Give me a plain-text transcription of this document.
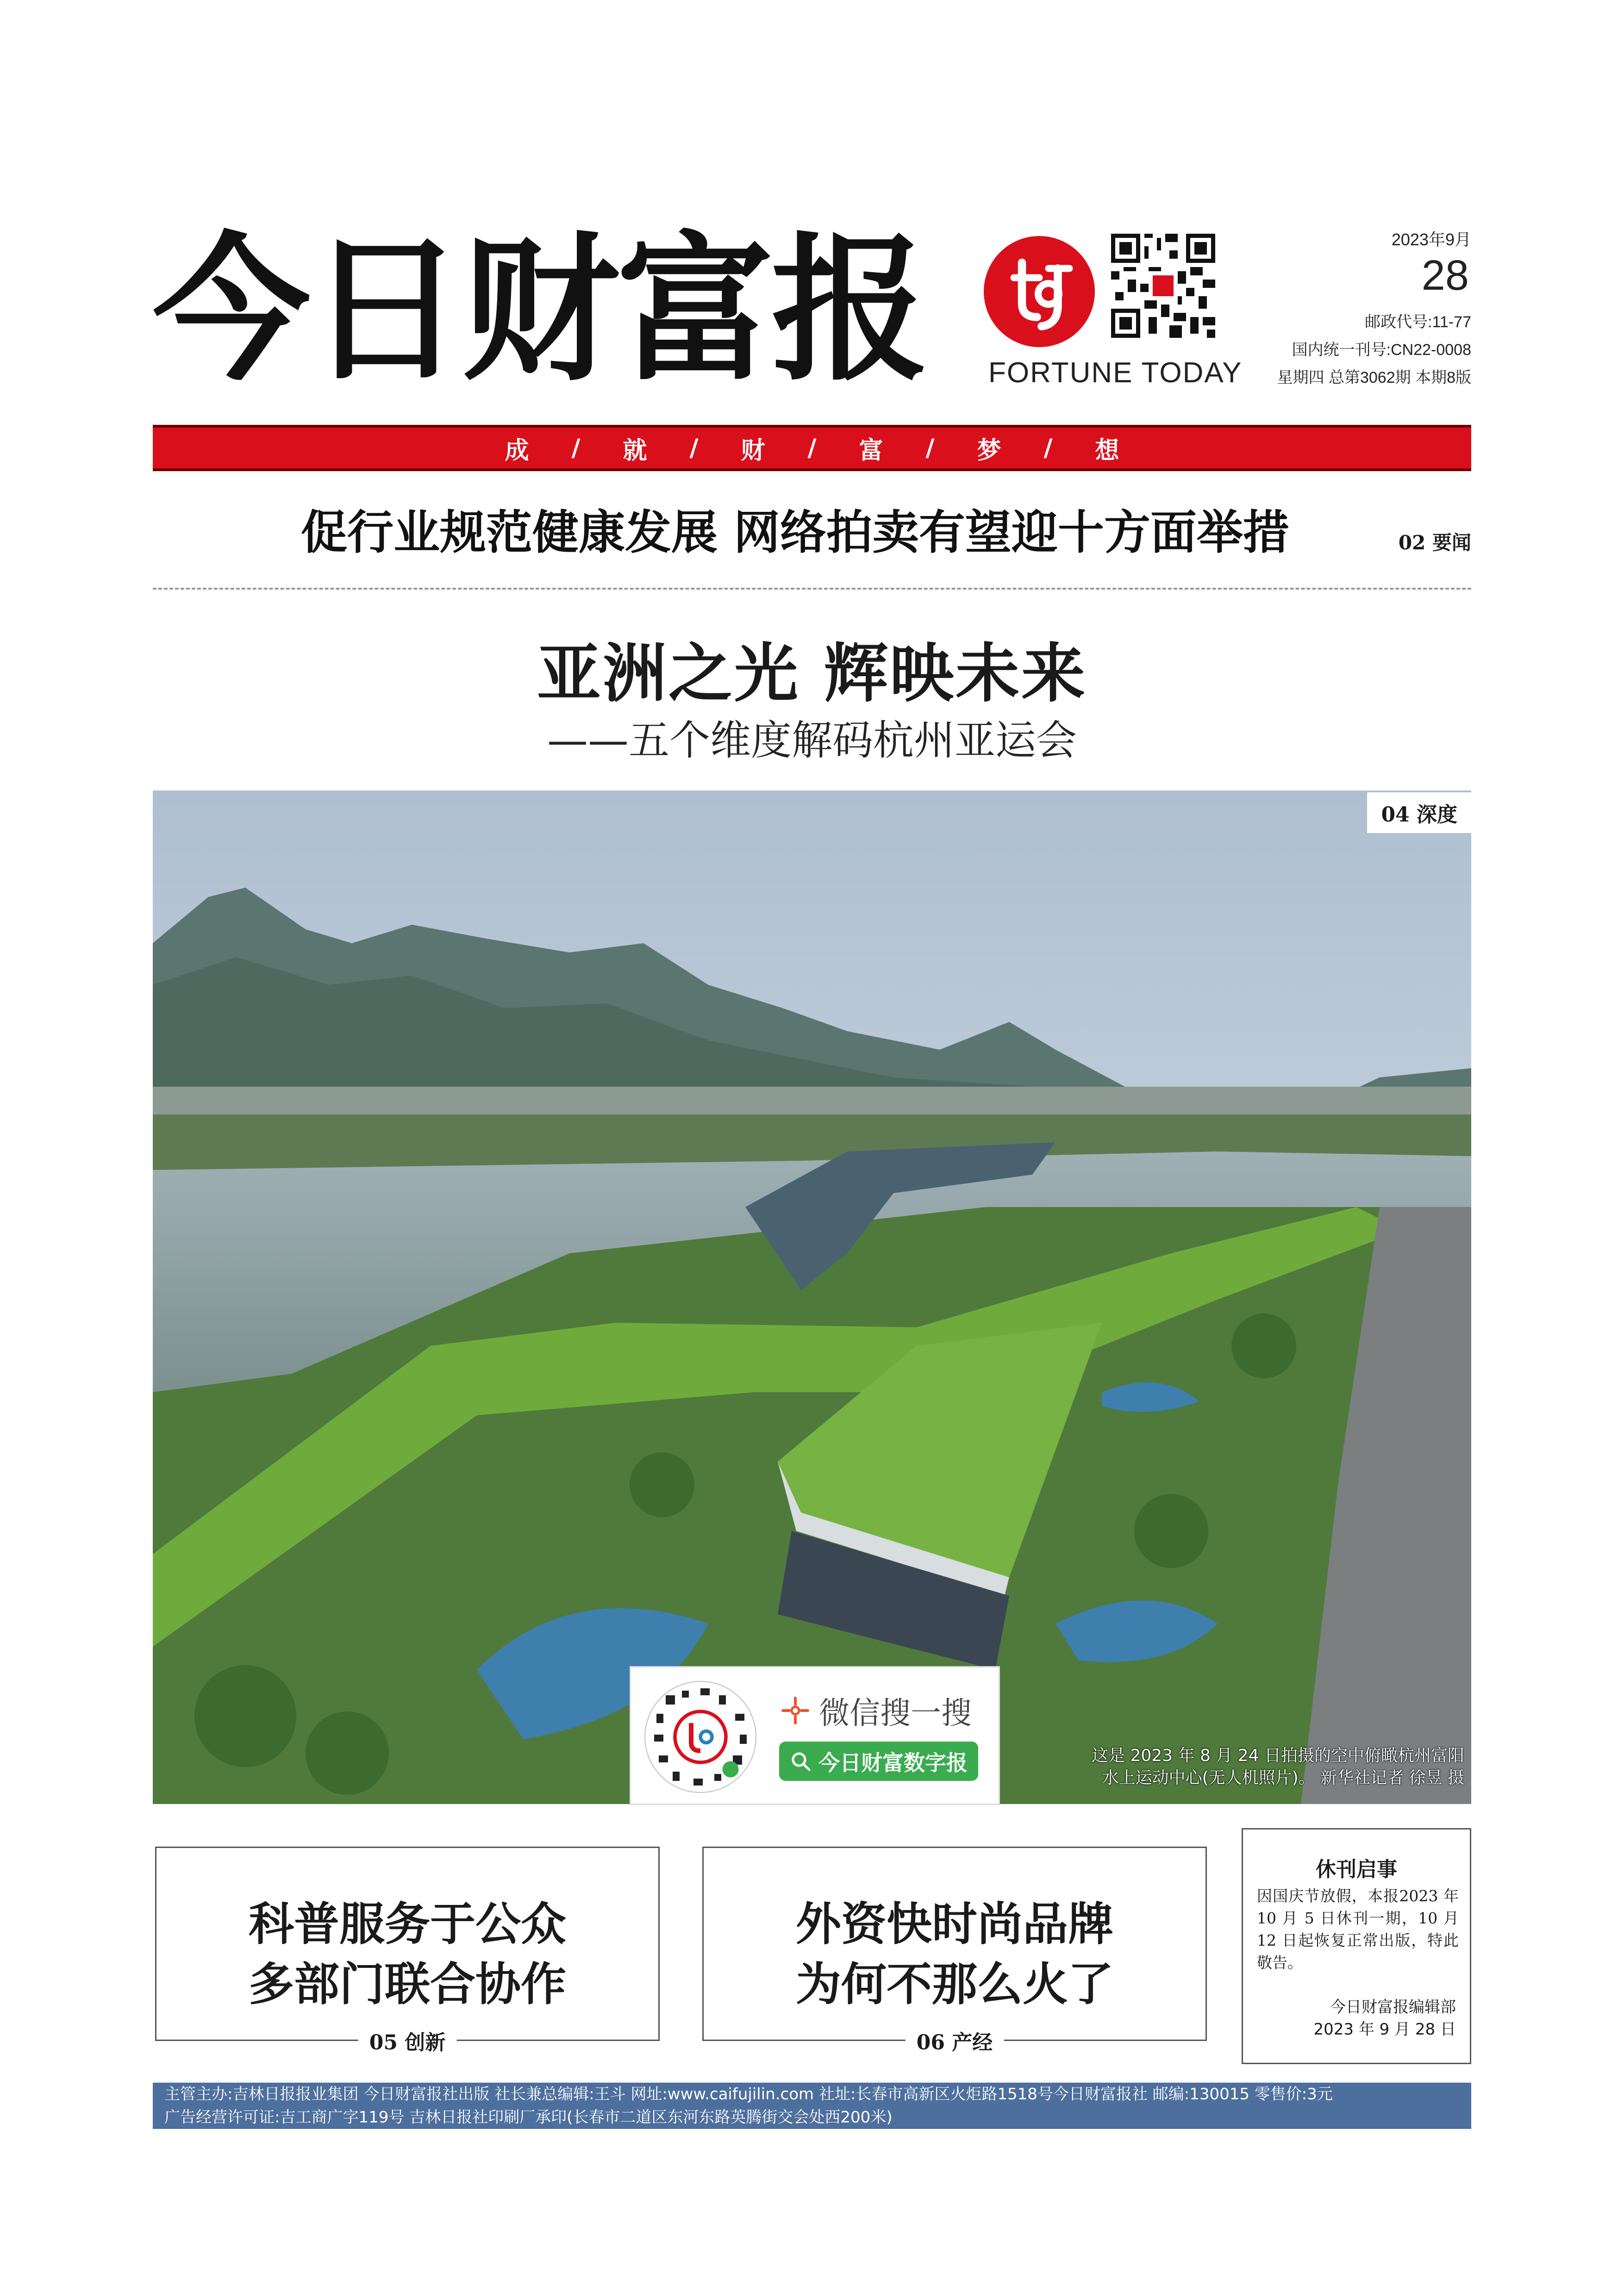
今日财富报 FORTUNE TODAY
2023年9月
28
邮政代号:11-77
国内统一刊号:CN22-0008
星期四 总第3062期 本期8版
成 / 就 / 财 / 富 / 梦 / 想
促行业规范健康发展 网络拍卖有望迎十方面举措	02 要闻
亚洲之光 辉映未来
——五个维度解码杭州亚运会
04 深度
这是 2023 年 8 月 24 日拍摄的空中俯瞰杭州富阳
水上运动中心(无人机照片)。 新华社记者 徐昱 摄
微信搜一搜
今日财富数字报
科普服务于公众
多部门联合协作
05 创新
外资快时尚品牌
为何不那么火了
06 产经
休刊启事
因国庆节放假，本报2023 年 10 月 5 日休刊一期，10 月 12 日起恢复正常出版，特此敬告。
今日财富报编辑部
2023 年 9 月 28 日
主管主办:吉林日报报业集团 今日财富报社出版 社长兼总编辑:王斗 网址:www.caifujilin.com 社址:长春市高新区火炬路1518号今日财富报社 邮编:130015 零售价:3元
广告经营许可证:吉工商广字119号 吉林日报社印刷厂承印(长春市二道区东河东路英腾街交会处西200米)
